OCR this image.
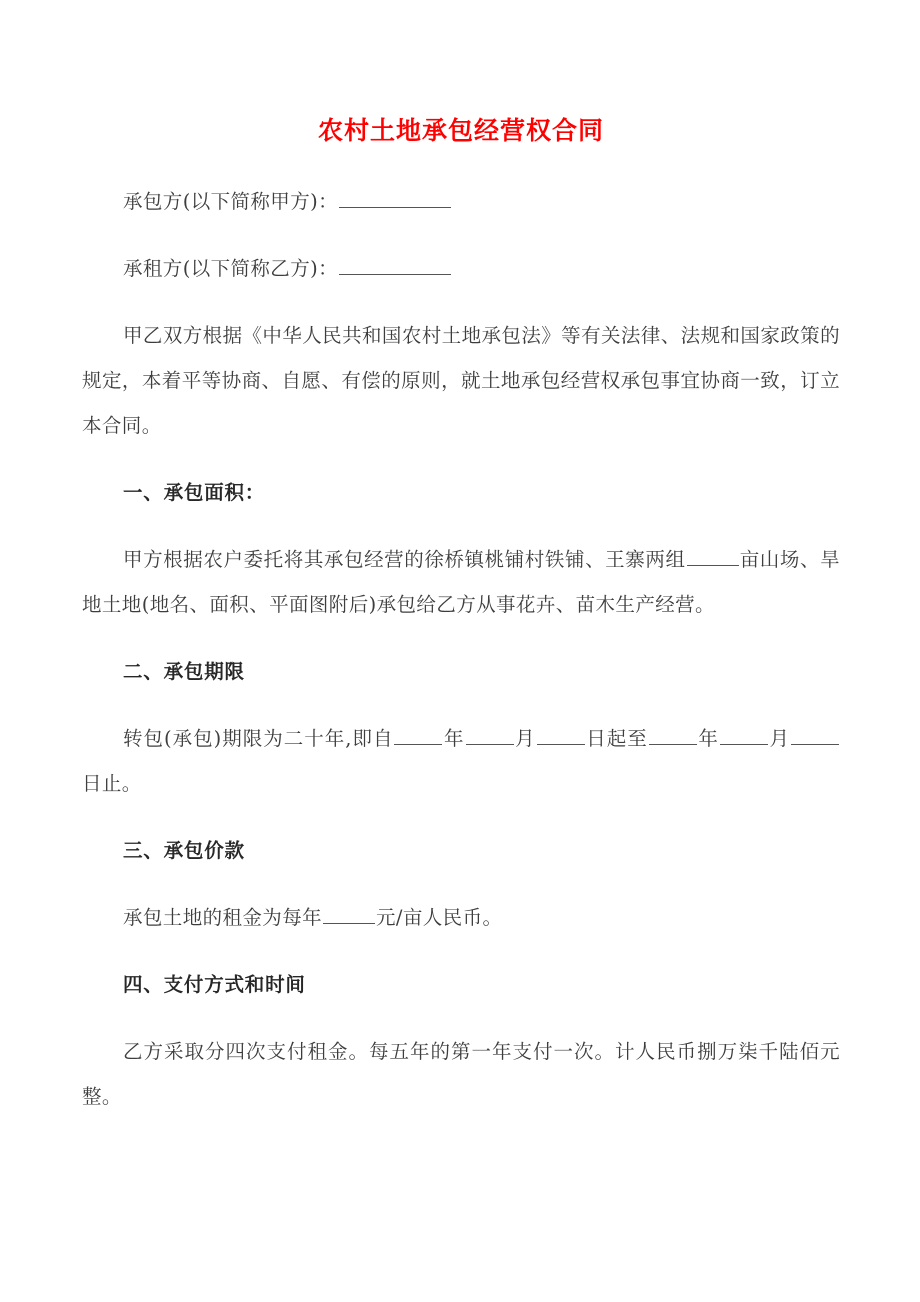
农村土地承包经营权合同

承包方(以下简称甲方)：

承租方(以下简称乙方)：

甲乙双方根据《中华人民共和国农村土地承包法》等有关法律、法规和国家政策的规定，本着平等协商、自愿、有偿的原则，就土地承包经营权承包事宜协商一致，订立本合同。

一、承包面积：

甲方根据农户委托将其承包经营的徐桥镇桃铺村铁铺、王寨两组	亩山场、旱地土地(地名、面积、平面图附后)承包给乙方从事花卉、苗木生产经营。

二、承包期限

转包(承包)期限为二十年,即自	年	月	日起至	年	月日止。

三、承包价款

承包土地的租金为每年	元/亩人民币。

四、支付方式和时间

乙方采取分四次支付租金。每五年的第一年支付一次。计人民币捌万柒千陆佰元整。
